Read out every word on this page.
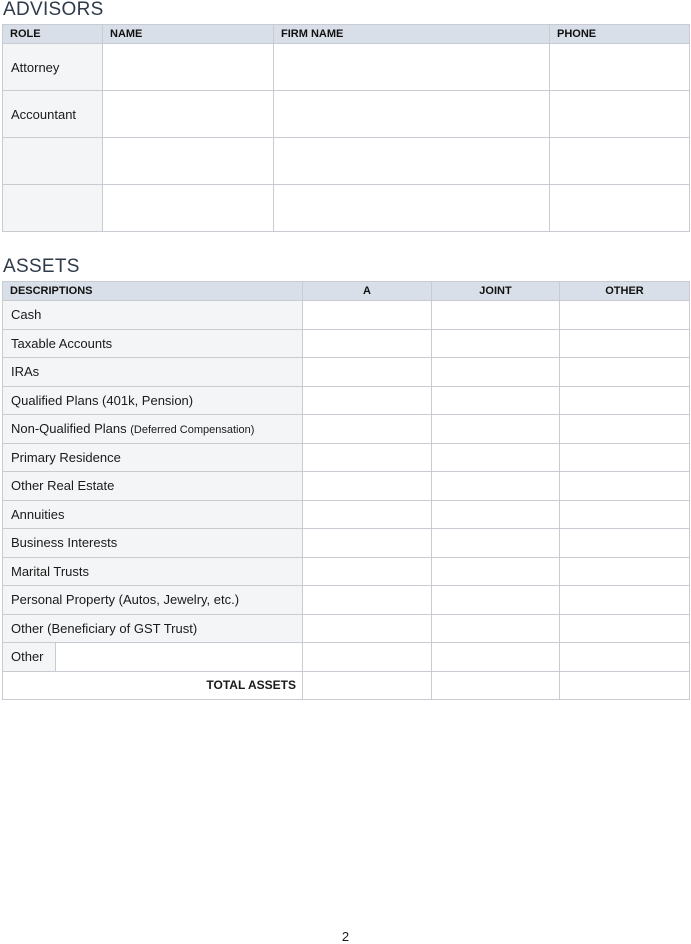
ADVISORS
ROLE	NAME	FIRM NAME	PHONE
Attorney			
Accountant			

ASSETS
DESCRIPTIONS	A	JOINT	OTHER
Cash			
Taxable Accounts			
IRAs			
Qualified Plans (401k, Pension)			
Non-Qualified Plans (Deferred Compensation)			
Primary Residence			
Other Real Estate			
Annuities			
Business Interests			
Marital Trusts			
Personal Property (Autos, Jewelry, etc.)			
Other (Beneficiary of GST Trust)			

Other			

TOTAL ASSETS			
2
